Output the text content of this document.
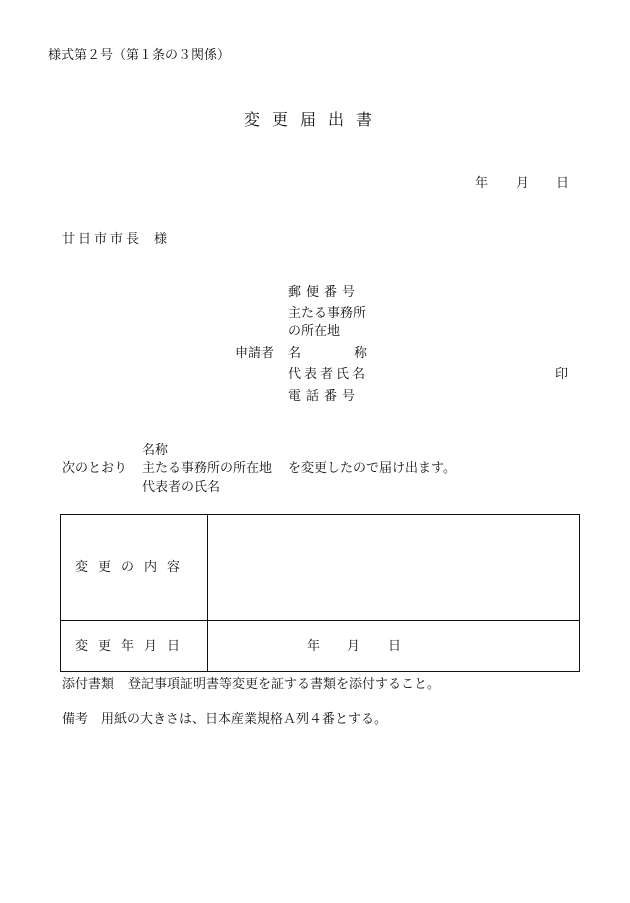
様式第２号（第１条の３関係）
変更届出書
年 月 日
廿日市市長 様
郵便番号
主たる事務所
の所在地
申請者 名	称
代表者氏名	印
電話番号
名称
次のとおり 主たる事務所の所在地 を変更したので届け出ます。
代表者の氏名
変更の内容
変更年月日	年 月 日
添付書類 登記事項証明書等変更を証する書類を添付すること。
備考 用紙の大きさは、日本産業規格Ａ列４番とする。
